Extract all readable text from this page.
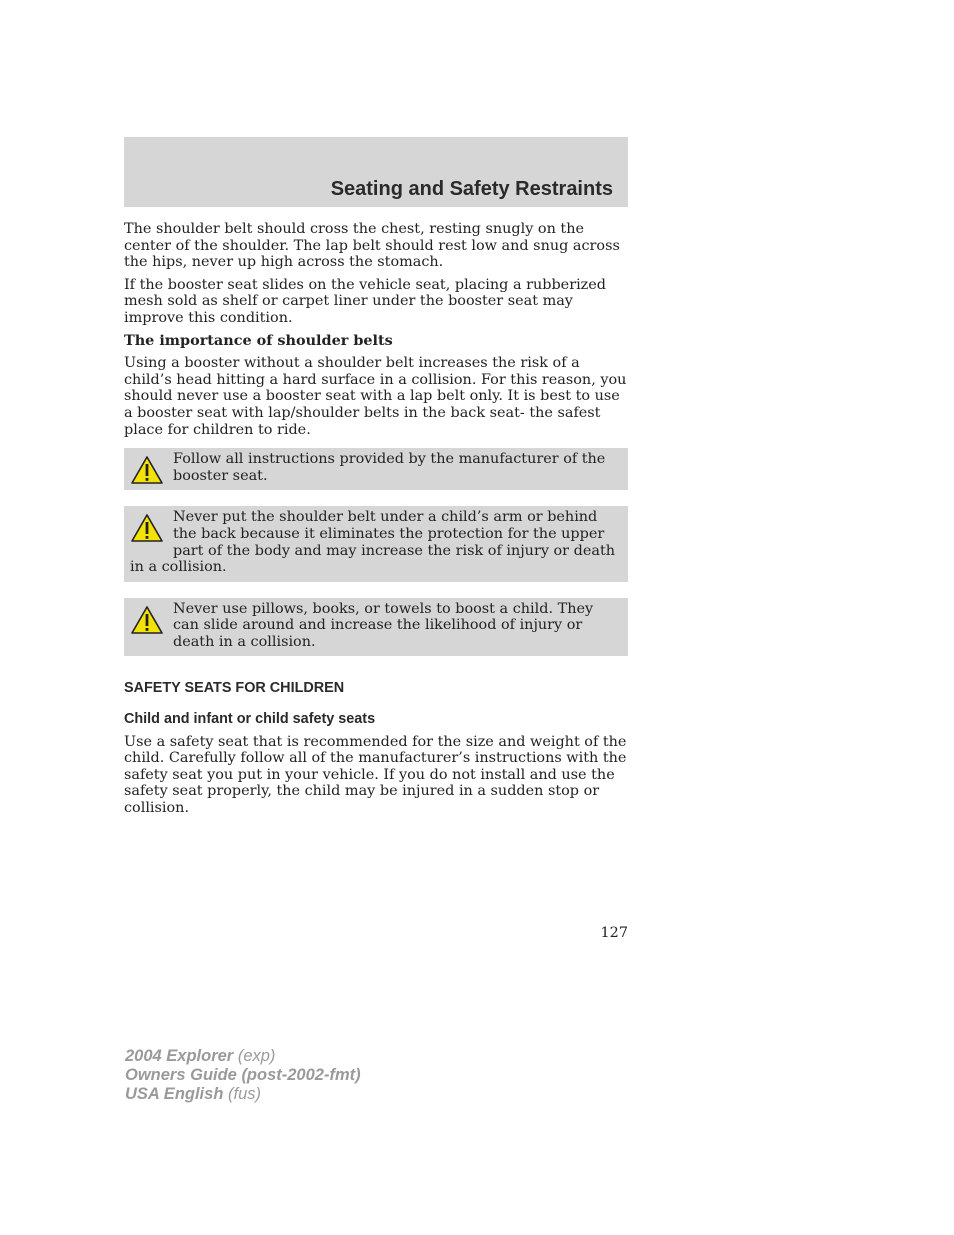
Seating and Safety Restraints

The shoulder belt should cross the chest, resting snugly on the center of the shoulder. The lap belt should rest low and snug across the hips, never up high across the stomach.

If the booster seat slides on the vehicle seat, placing a rubberized mesh sold as shelf or carpet liner under the booster seat may improve this condition.

The importance of shoulder belts

Using a booster without a shoulder belt increases the risk of a child’s head hitting a hard surface in a collision. For this reason, you should never use a booster seat with a lap belt only. It is best to use a booster seat with lap/shoulder belts in the back seat- the safest place for children to ride.

Follow all instructions provided by the manufacturer of the booster seat.
Never put the shoulder belt under a child’s arm or behind the back because it eliminates the protection for the upper part of the body and may increase the risk of injury or death in a collision.
Never use pillows, books, or towels to boost a child. They can slide around and increase the likelihood of injury or death in a collision.
SAFETY SEATS FOR CHILDREN
Child and infant or child safety seats

Use a safety seat that is recommended for the size and weight of the child. Carefully follow all of the manufacturer’s instructions with the safety seat you put in your vehicle. If you do not install and use the safety seat properly, the child may be injured in a sudden stop or collision.

127
2004 Explorer (exp)
Owners Guide (post-2002-fmt)
USA English (fus)
